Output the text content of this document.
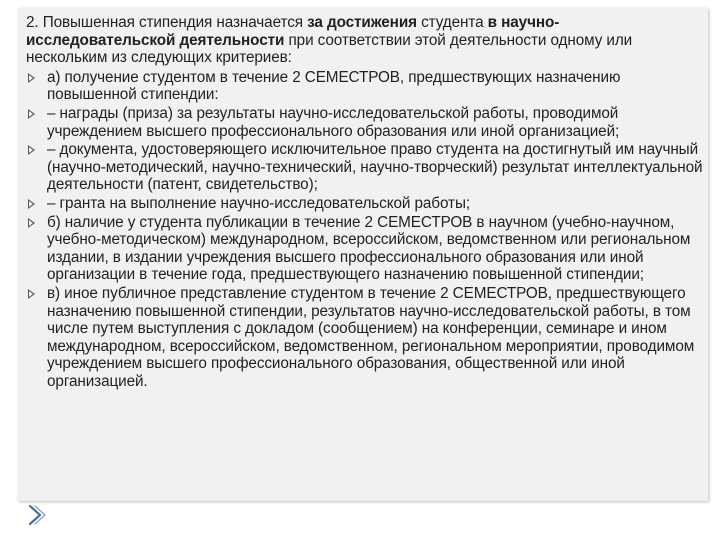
2. Повышенная стипендия назначается за достижения студента в научно-исследовательской деятельности при соответствии этой деятельности одному или нескольким из следующих критериев:

а) получение студентом в течение 2 СЕМЕСТРОВ, предшествующих назначению повышенной стипендии:
– награды (приза) за результаты научно-исследовательской работы, проводимой учреждением высшего профессионального образования или иной организацией;
– документа, удостоверяющего исключительное право студента на достигнутый им научный (научно-методический, научно-технический, научно-творческий) результат интеллектуальной деятельности (патент, свидетельство);
– гранта на выполнение научно-исследовательской работы;
б) наличие у студента публикации в течение 2 СЕМЕСТРОВ в научном (учебно-научном, учебно-методическом) международном, всероссийском, ведомственном или региональном издании, в издании учреждения высшего профессионального образования или иной организации в течение года, предшествующего назначению повышенной стипендии;
в) иное публичное представление студентом в течение 2 СЕМЕСТРОВ, предшествующего назначению повышенной стипендии, результатов научно-исследовательской работы, в том числе путем выступления с докладом (сообщением) на конференции, семинаре и ином международном, всероссийском, ведомственном, региональном мероприятии, проводимом учреждением высшего профессионального образования, общественной или иной организацией.
